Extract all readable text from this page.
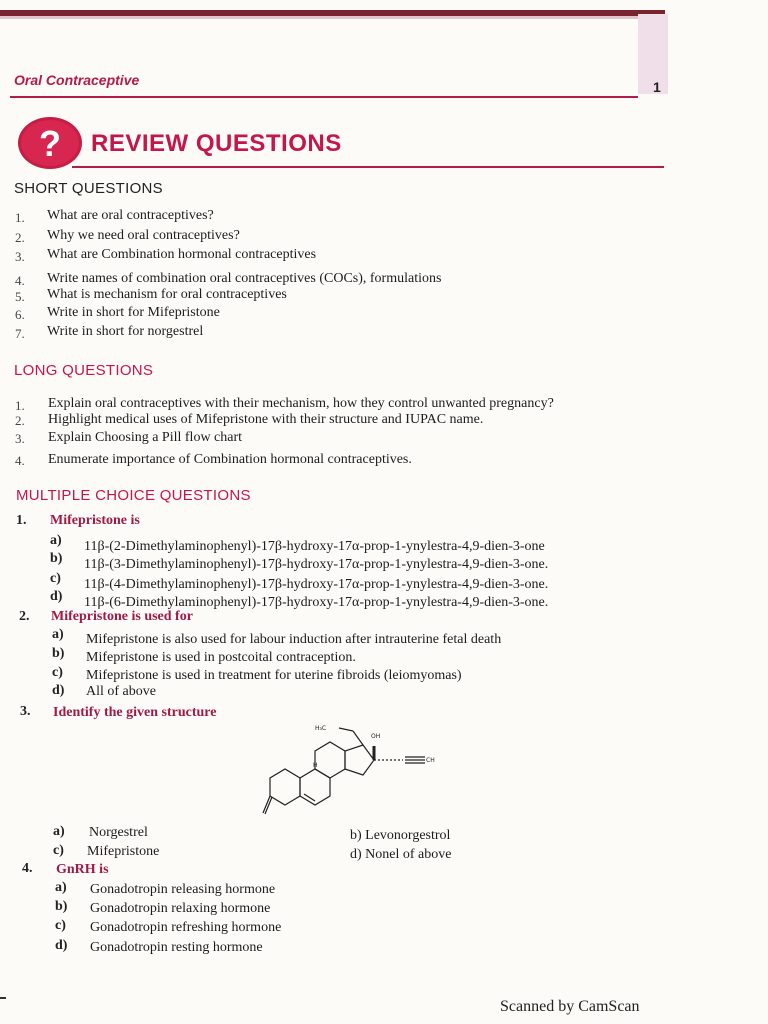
Oral Contraceptive	1
?	REVIEW QUESTIONS
SHORT QUESTIONS
1. What are oral contraceptives?
2. Why we need oral contraceptives?
3. What are Combination hormonal contraceptives
4. Write names of combination oral contraceptives (COCs), formulations
5. What is mechanism for oral contraceptives
6. Write in short for Mifepristone
7. Write in short for norgestrel
LONG QUESTIONS
1. Explain oral contraceptives with their mechanism, how they control unwanted pregnancy?
2. Highlight medical uses of Mifepristone with their structure and IUPAC name.
3. Explain Choosing a Pill flow chart
4. Enumerate importance of Combination hormonal contraceptives.
MULTIPLE CHOICE QUESTIONS
1. Mifepristone is
a) 11β-(2-Dimethylaminophenyl)-17β-hydroxy-17α-prop-1-ynylestra-4,9-dien-3-one
b) 11β-(3-Dimethylaminophenyl)-17β-hydroxy-17α-prop-1-ynylestra-4,9-dien-3-one.
c) 11β-(4-Dimethylaminophenyl)-17β-hydroxy-17α-prop-1-ynylestra-4,9-dien-3-one.
d) 11β-(6-Dimethylaminophenyl)-17β-hydroxy-17α-prop-1-ynylestra-4,9-dien-3-one.
2. Mifepristone is used for
a) Mifepristone is also used for labour induction after intrauterine fetal death
b) Mifepristone is used in postcoital contraception.
c) Mifepristone is used in treatment for uterine fibroids (leiomyomas)
d) All of above
3. Identify the given structure
H₃C
OH
CH
H
a) Norgestrel
c) Mifepristone
b) Levonorgestrol
d) Nonel of above
4. GnRH is
a) Gonadotropin releasing hormone
b) Gonadotropin relaxing hormone
c) Gonadotropin refreshing hormone
d) Gonadotropin resting hormone
Scanned by CamScan
